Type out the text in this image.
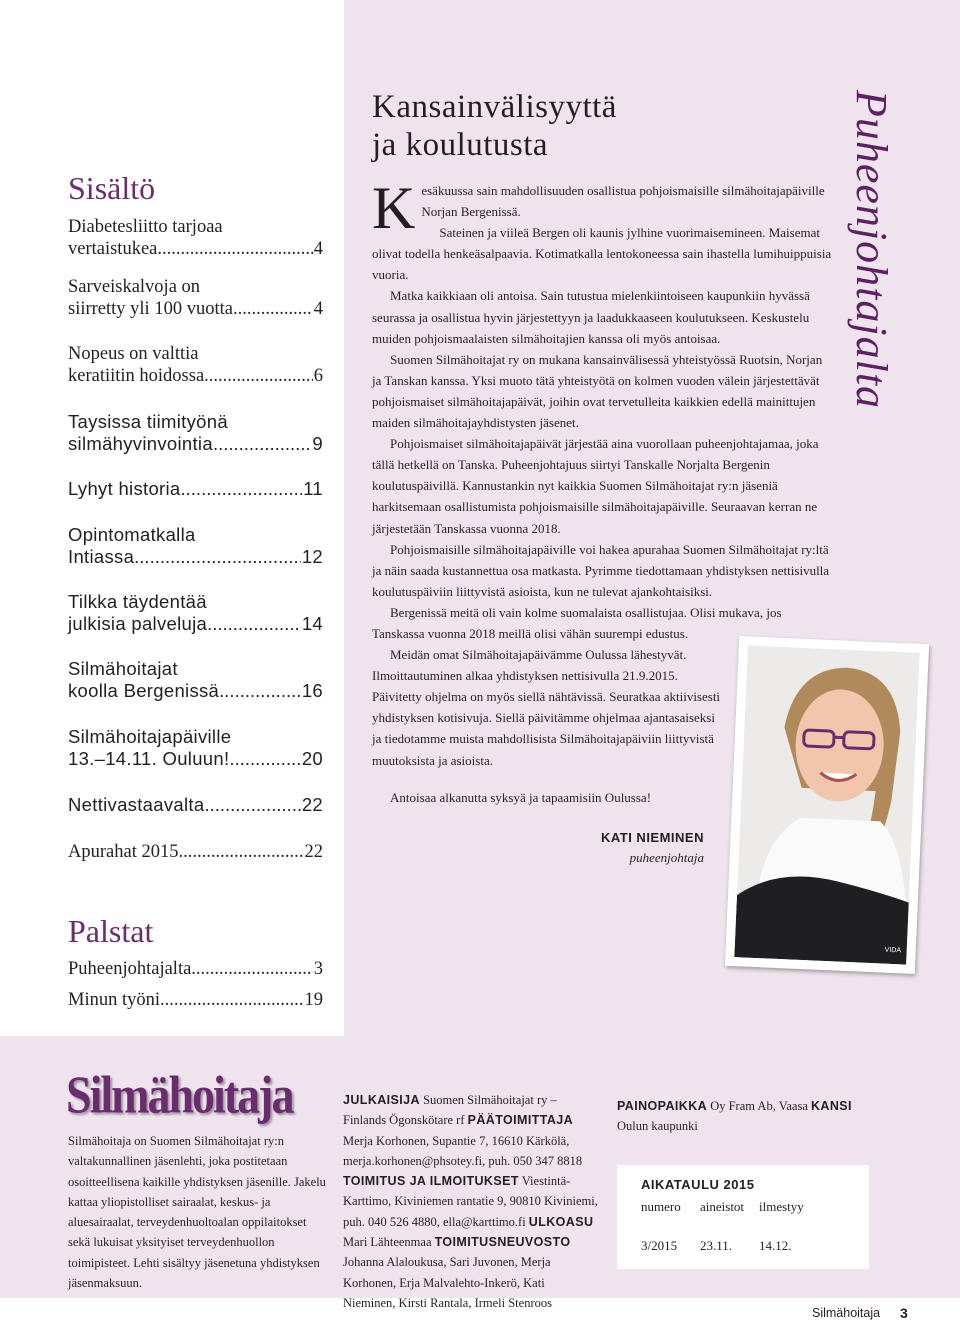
Sisältö
Diabetesliitto tarjoaa
vertaistukea .....	4
Sarveiskalvoja on
siirretty yli 100 vuotta .....	4
Nopeus on valttia
keratiitin hoidossa .....	6
Taysissa tiimityönä
silmähyvinvointia .....	9
Lyhyt historia .....	11
Opintomatkalla
Intiassa .....	12
Tilkka täydentää
julkisia palveluja .....	14
Silmähoitajat
koolla Bergenissä .....	16
Silmähoitajapäiville
13.–14.11. Ouluun! .....	20
Nettivastaavalta .....	22
Apurahat 2015 .....	22
Palstat
Puheenjohtajalta .....	3
Minun työni .....	19
Kansainvälisyyttä
ja koulutusta	Puheenjohtajalta

Kesäkuussa sain mahdollisuuden osallistua pohjoismaisille silmähoitajapäiville Norjan Bergenissä.

Sateinen ja viileä Bergen oli kaunis jylhine vuorimaisemineen. Maisemat olivat todella henkeäsalpaavia. Kotimatkalla lentokoneessa sain ihastella lumihuippuisia vuoria.

Matka kaikkiaan oli antoisa. Sain tutustua mielenkiintoiseen kaupunkiin hyvässä seurassa ja osallistua hyvin järjestettyyn ja laadukkaaseen koulutukseen. Keskustelu muiden pohjoismaalaisten silmähoitajien kanssa oli myös antoisaa.

Suomen Silmähoitajat ry on mukana kansainvälisessä yhteistyössä Ruotsin, Norjan ja Tanskan kanssa. Yksi muoto tätä yhteistyötä on kolmen vuoden välein järjestettävät pohjoismaiset silmähoitajapäivät, joihin ovat tervetulleita kaikkien edellä mainittujen maiden silmähoitajayhdistysten jäsenet.

Pohjoismaiset silmähoitajapäivät järjestää aina vuorollaan puheenjohtajamaa, joka tällä hetkellä on Tanska. Puheenjohtajuus siirtyi Tanskalle Norjalta Bergenin koulutuspäivillä. Kannustankin nyt kaikkia Suomen Silmähoitajat ry:n jäseniä harkitsemaan osallistumista pohjoismaisille silmähoitajapäiville. Seuraavan kerran ne järjestetään Tanskassa vuonna 2018.

Pohjoismaisille silmähoitajapäiville voi hakea apurahaa Suomen Silmähoitajat ry:ltä ja näin saada kustannettua osa matkasta. Pyrimme tiedottamaan yhdistyksen nettisivulla koulutuspäiviin liittyvistä asioista, kun ne tulevat ajankohtaisiksi.

Bergenissä meitä oli vain kolme suomalaista osallistujaa. Olisi mukava, jos Tanskassa vuonna 2018 meillä olisi vähän suurempi edustus.

Meidän omat Silmähoitajapäivämme Oulussa lähestyvät. Ilmoittautuminen alkaa yhdistyksen nettisivulla 21.9.2015. Päivitetty ohjelma on myös siellä nähtävissä. Seuratkaa aktiivisesti yhdistyksen kotisivuja. Siellä päivitämme ohjelmaa ajantasaiseksi ja tiedotamme muista mahdollisista Silmähoitajapäiviin liittyvistä muutoksista ja asioista.

Antoisaa alkanutta syksyä ja tapaamisiin Oulussa!
KATI NIEMINEN
puheenjohtaja
VIDA
Silmähoitaja
Silmähoitaja on Suomen Silmähoitajat ry:n valtakunnallinen jäsenlehti, joka postitetaan osoitteellisena kaikille yhdistyksen jäsenille. Jakelu kattaa yliopistolliset sairaalat, keskus- ja aluesairaalat, terveydenhuoltoalan oppilaitokset sekä lukuisat yksityiset terveydenhuollon toimipisteet. Lehti sisältyy jäsenetuna yhdistyksen jäsenmaksuun.
JULKAISIJA Suomen Silmähoitajat ry – Finlands Ögonskötare rf PÄÄTOIMITTAJA Merja Korhonen, Supantie 7, 16610 Kärkölä, merja.korhonen@phsotey.fi, puh. 050 347 8818 TOIMITUS JA ILMOITUKSET Viestintä-Karttimo, Kiviniemen rantatie 9, 90810 Kiviniemi, puh. 040 526 4880, ella@karttimo.fi ULKOASU Mari Lähteenmaa TOIMITUSNEUVOSTO Johanna Alaloukusa, Sari Juvonen, Merja Korhonen, Erja Malvalehto-Inkerö, Kati Nieminen, Kirsti Rantala, Irmeli Stenroos
PAINOPAIKKA Oy Fram Ab, Vaasa KANSI Oulun kaupunki
AIKATAULU 2015
numero aineistot ilmestyy
3/2015 23.11. 14.12.
Silmähoitaja 3
